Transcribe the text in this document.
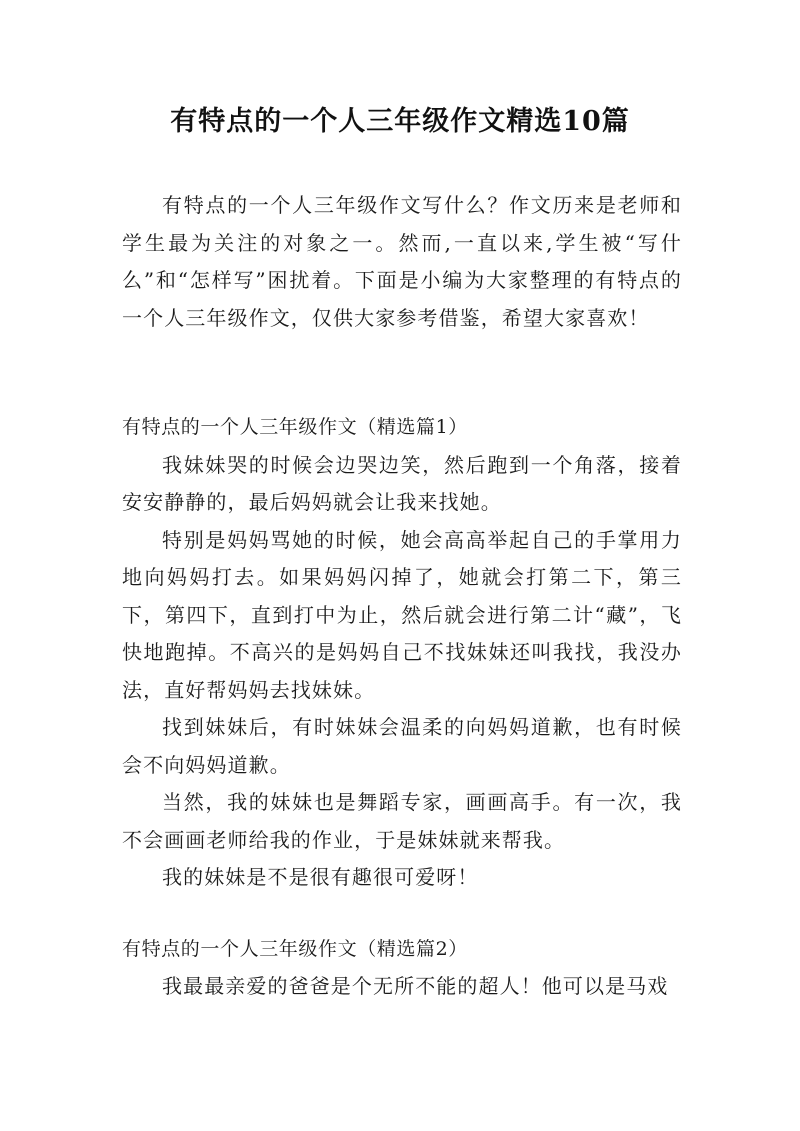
有特点的一个人三年级作文精选10篇

有特点的一个人三年级作文写什么？作文历来是老师和学生最为关注的对象之一。然而,一直以来,学生被“写什么”和“怎样写”困扰着。下面是小编为大家整理的有特点的一个人三年级作文，仅供大家参考借鉴，希望大家喜欢！

有特点的一个人三年级作文（精选篇1）

我妹妹哭的时候会边哭边笑，然后跑到一个角落，接着安安静静的，最后妈妈就会让我来找她。

特别是妈妈骂她的时候，她会高高举起自己的手掌用力地向妈妈打去。如果妈妈闪掉了，她就会打第二下，第三下，第四下，直到打中为止，然后就会进行第二计“藏”，飞快地跑掉。不高兴的是妈妈自己不找妹妹还叫我找，我没办法，直好帮妈妈去找妹妹。

找到妹妹后，有时妹妹会温柔的向妈妈道歉，也有时候会不向妈妈道歉。

当然，我的妹妹也是舞蹈专家，画画高手。有一次，我不会画画老师给我的作业，于是妹妹就来帮我。

我的妹妹是不是很有趣很可爱呀！

有特点的一个人三年级作文（精选篇2）

我最最亲爱的爸爸是个无所不能的超人！他可以是马戏
